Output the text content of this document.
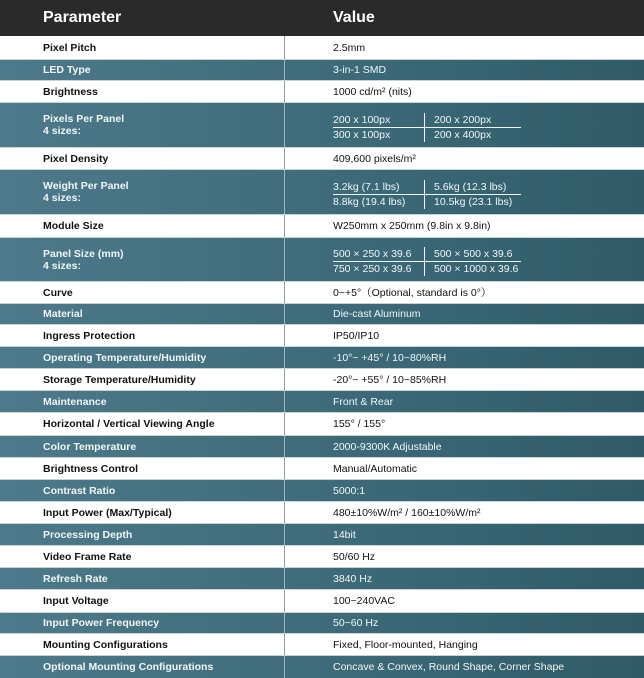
Parameter	Value
Pixel Pitch	2.5mm
LED Type	3-in-1 SMD
Brightness	1000 cd/m² (nits)
Pixels Per Panel
4 sizes:
200 x 100px	200 x 200px
300 x 100px	200 x 400px
Pixel Density	409,600 pixels/m²
Weight Per Panel
4 sizes:
3.2kg (7.1 lbs)	5.6kg (12.3 lbs)
8.8kg (19.4 lbs)	10.5kg (23.1 lbs)
Module Size	W250mm x 250mm (9.8in x 9.8in)
Panel Size (mm)
4 sizes:
500 × 250 x 39.6	500 × 500 x 39.6
750 × 250 x 39.6	500 × 1000 x 39.6
Curve	0~+5°（Optional, standard is 0°）
Material	Die-cast Aluminum
Ingress Protection	IP50/IP10
Operating Temperature/Humidity	-10°~ +45° / 10~80%RH
Storage Temperature/Humidity	-20°~ +55° / 10~85%RH
Maintenance	Front & Rear
Horizontal / Vertical Viewing Angle	155° / 155°
Color Temperature	2000-9300K Adjustable
Brightness Control	Manual/Automatic
Contrast Ratio	5000:1
Input Power (Max/Typical)	480±10%W/m² / 160±10%W/m²
Processing Depth	14bit
Video Frame Rate	50/60 Hz
Refresh Rate	3840 Hz
Input Voltage	100~240VAC
Input Power Frequency	50~60 Hz
Mounting Configurations	Fixed, Floor-mounted, Hanging
Optional Mounting Configurations	Concave & Convex, Round Shape, Corner Shape
